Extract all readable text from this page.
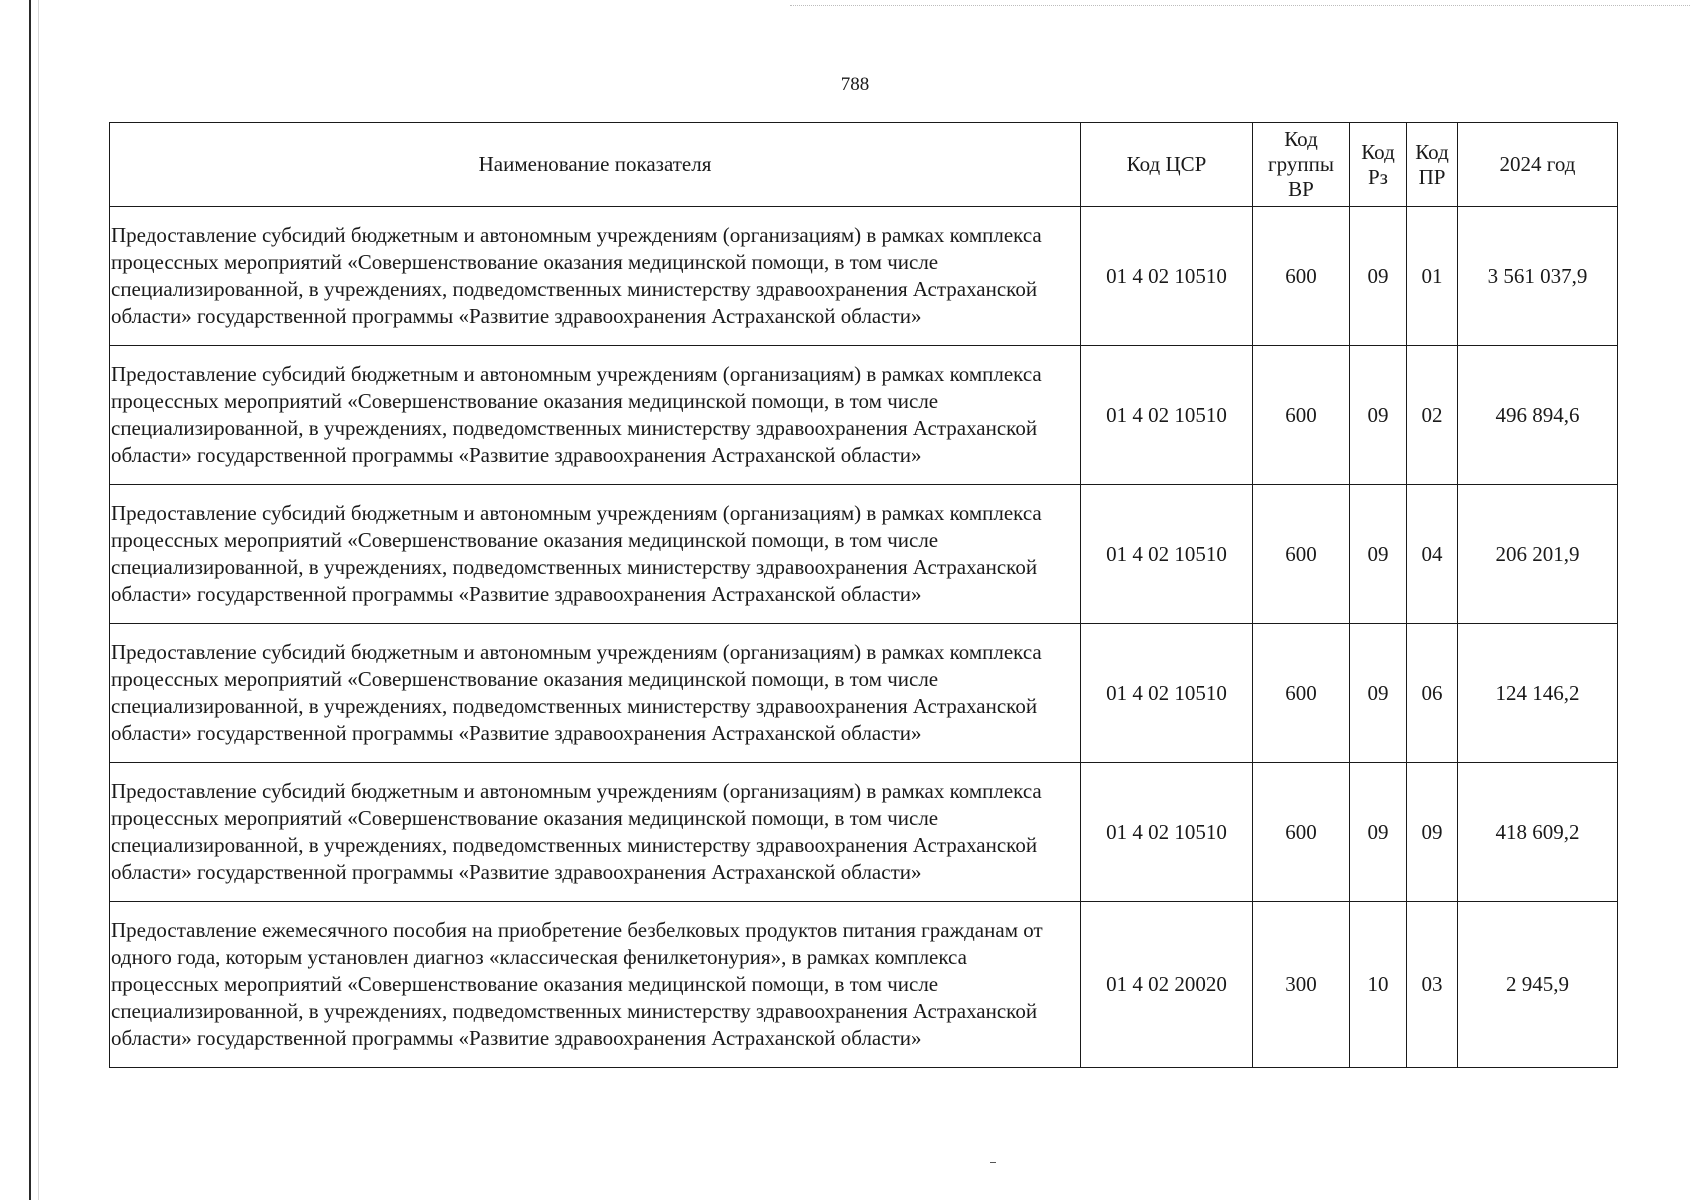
788
Наименование показателя	Код ЦСР	Код группы ВР	Код Рз	Код ПР	2024 год
Предоставление субсидий бюджетным и автономным учреждениям (организациям) в рамках комплекса процессных мероприятий «Совершенствование оказания медицинской помощи, в том числе специализированной, в учреждениях, подведомственных министерству здравоохранения Астраханской области» государственной программы «Развитие здравоохранения Астраханской области»	01 4 02 10510	600	09	01	3 561 037,9
Предоставление субсидий бюджетным и автономным учреждениям (организациям) в рамках комплекса процессных мероприятий «Совершенствование оказания медицинской помощи, в том числе специализированной, в учреждениях, подведомственных министерству здравоохранения Астраханской области» государственной программы «Развитие здравоохранения Астраханской области»	01 4 02 10510	600	09	02	496 894,6
Предоставление субсидий бюджетным и автономным учреждениям (организациям) в рамках комплекса процессных мероприятий «Совершенствование оказания медицинской помощи, в том числе специализированной, в учреждениях, подведомственных министерству здравоохранения Астраханской области» государственной программы «Развитие здравоохранения Астраханской области»	01 4 02 10510	600	09	04	206 201,9
Предоставление субсидий бюджетным и автономным учреждениям (организациям) в рамках комплекса процессных мероприятий «Совершенствование оказания медицинской помощи, в том числе специализированной, в учреждениях, подведомственных министерству здравоохранения Астраханской области» государственной программы «Развитие здравоохранения Астраханской области»	01 4 02 10510	600	09	06	124 146,2
Предоставление субсидий бюджетным и автономным учреждениям (организациям) в рамках комплекса процессных мероприятий «Совершенствование оказания медицинской помощи, в том числе специализированной, в учреждениях, подведомственных министерству здравоохранения Астраханской области» государственной программы «Развитие здравоохранения Астраханской области»	01 4 02 10510	600	09	09	418 609,2
Предоставление ежемесячного пособия на приобретение безбелковых продуктов питания гражданам от одного года, которым установлен диагноз «классическая фенилкетонурия», в рамках комплекса процессных мероприятий «Совершенствование оказания медицинской помощи, в том числе специализированной, в учреждениях, подведомственных министерству здравоохранения Астраханской области» государственной программы «Развитие здравоохранения Астраханской области»	01 4 02 20020	300	10	03	2 945,9
